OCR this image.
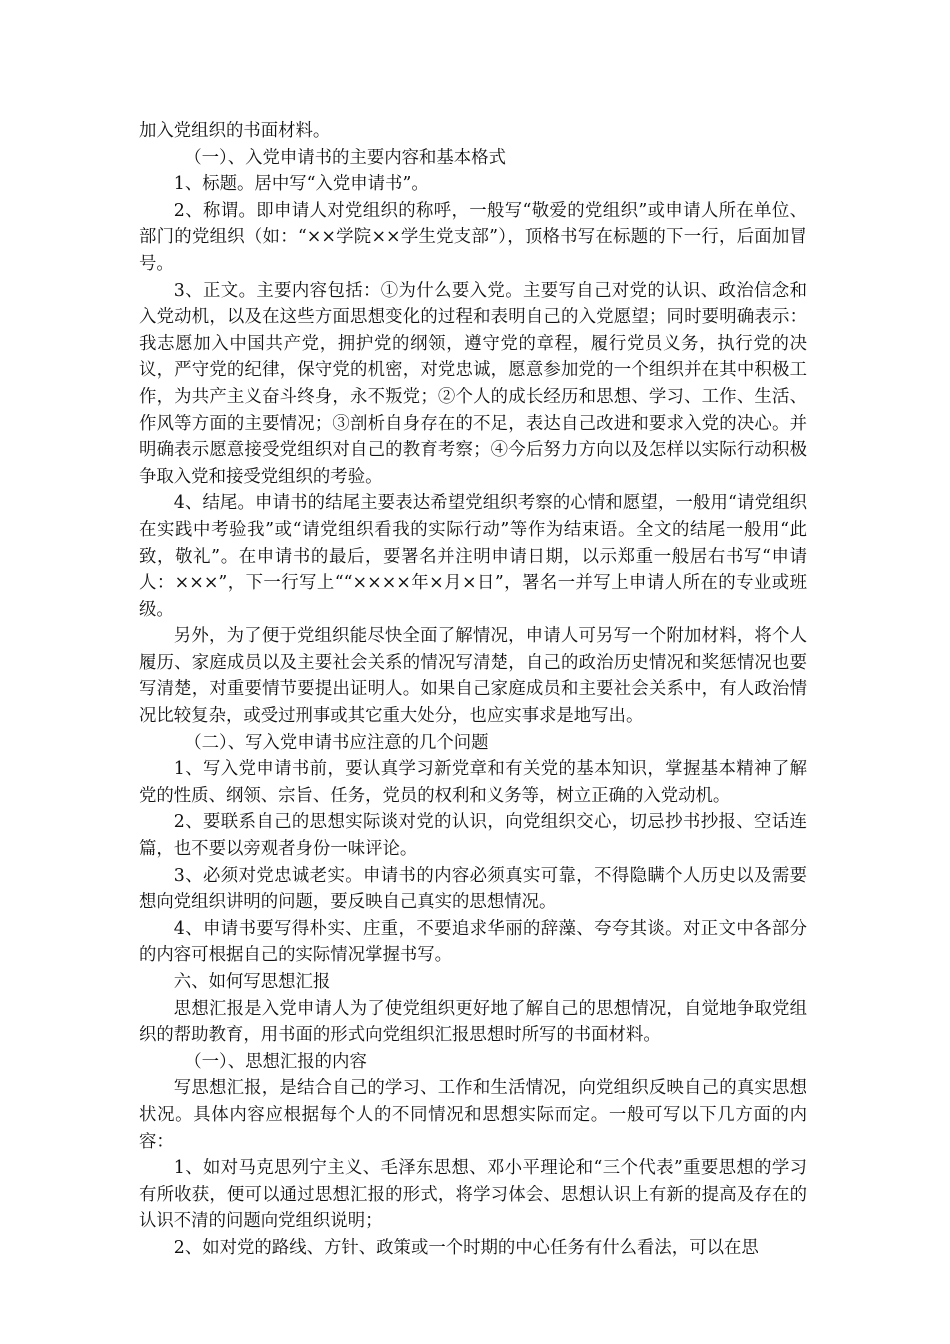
加入党组织的书面材料。

（一）、入党申请书的主要内容和基本格式

1、标题。居中写“入党申请书”。

2、称谓。即申请人对党组织的称呼，一般写“敬爱的党组织”或申请人所在单位、部门的党组织（如：“××学院××学生党支部”），顶格书写在标题的下一行，后面加冒号。

3、正文。主要内容包括：①为什么要入党。主要写自己对党的认识、政治信念和入党动机，以及在这些方面思想变化的过程和表明自己的入党愿望；同时要明确表示：我志愿加入中国共产党，拥护党的纲领，遵守党的章程，履行党员义务，执行党的决议，严守党的纪律，保守党的机密，对党忠诚，愿意参加党的一个组织并在其中积极工作，为共产主义奋斗终身，永不叛党；②个人的成长经历和思想、学习、工作、生活、作风等方面的主要情况；③剖析自身存在的不足，表达自己改进和要求入党的决心。并明确表示愿意接受党组织对自己的教育考察；④今后努力方向以及怎样以实际行动积极争取入党和接受党组织的考验。

4、结尾。申请书的结尾主要表达希望党组织考察的心情和愿望，一般用“请党组织在实践中考验我”或“请党组织看我的实际行动”等作为结束语。全文的结尾一般用“此致，敬礼”。在申请书的最后，要署名并注明申请日期，以示郑重一般居右书写“申请人：×××”，下一行写上““××××年×月×日”，署名一并写上申请人所在的专业或班级。

另外，为了便于党组织能尽快全面了解情况，申请人可另写一个附加材料，将个人履历、家庭成员以及主要社会关系的情况写清楚，自己的政治历史情况和奖惩情况也要写清楚，对重要情节要提出证明人。如果自己家庭成员和主要社会关系中，有人政治情况比较复杂，或受过刑事或其它重大处分，也应实事求是地写出。

（二）、写入党申请书应注意的几个问题

1、写入党申请书前，要认真学习新党章和有关党的基本知识，掌握基本精神了解党的性质、纲领、宗旨、任务，党员的权利和义务等，树立正确的入党动机。

2、要联系自己的思想实际谈对党的认识，向党组织交心，切忌抄书抄报、空话连篇，也不要以旁观者身份一味评论。

3、必须对党忠诚老实。申请书的内容必须真实可靠，不得隐瞒个人历史以及需要想向党组织讲明的问题，要反映自己真实的思想情况。

4、申请书要写得朴实、庄重，不要追求华丽的辞藻、夸夸其谈。对正文中各部分的内容可根据自己的实际情况掌握书写。

六、如何写思想汇报

思想汇报是入党申请人为了使党组织更好地了解自己的思想情况，自觉地争取党组织的帮助教育，用书面的形式向党组织汇报思想时所写的书面材料。

（一）、思想汇报的内容

写思想汇报，是结合自己的学习、工作和生活情况，向党组织反映自己的真实思想状况。具体内容应根据每个人的不同情况和思想实际而定。一般可写以下几方面的内容：

1、如对马克思列宁主义、毛泽东思想、邓小平理论和“三个代表”重要思想的学习有所收获，便可以通过思想汇报的形式，将学习体会、思想认识上有新的提高及存在的认识不清的问题向党组织说明；

2、如对党的路线、方针、政策或一个时期的中心任务有什么看法，可以在思
